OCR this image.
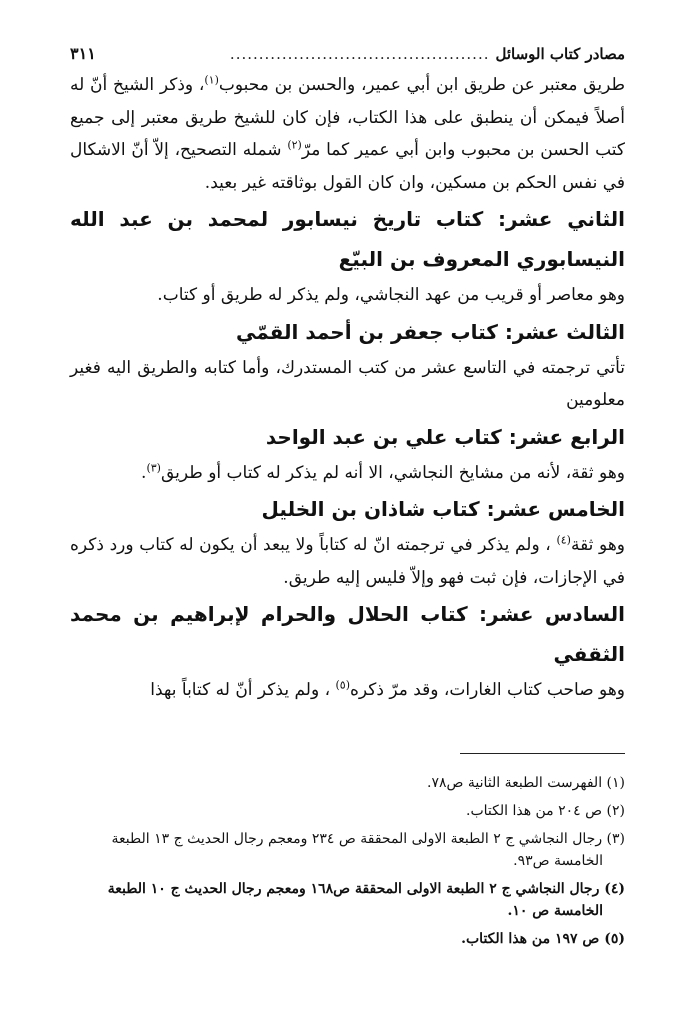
مصادر كتاب الوسائل
.............................................
٣١١

طريق معتبر عن طريق ابن أبي عمير، والحسن بن محبوب$^{(١)}$، وذكر الشيخ أنّ له أصلاً فيمكن أن ينطبق على هذا الكتاب، فإن كان للشيخ طريق معتبر إلى جميع كتب الحسن بن محبوب وابن أبي عمير كما مرّ$^{(٢)}$ شمله التصحيح، إلاّ أنّ الاشكال في نفس الحكم بن مسكين، وان كان القول بوثاقته غير بعيد.

الثاني عشر: كتاب تاريخ نيسابور لمحمد بن عبد الله النيسابوري المعروف بن البيّع

وهو معاصر أو قريب من عهد النجاشي، ولم يذكر له طريق أو كتاب.

الثالث عشر: كتاب جعفر بن أحمد القمّي

تأتي ترجمته في التاسع عشر من كتب المستدرك، وأما كتابه والطريق اليه فغير معلومين

الرابع عشر: كتاب علي بن عبد الواحد

وهو ثقة، لأنه من مشايخ النجاشي، الا أنه لم يذكر له كتاب أو طريق$^{(٣)}$.

الخامس عشر: كتاب شاذان بن الخليل

وهو ثقة$^{(٤)}$ ، ولم يذكر في ترجمته انّ له كتاباً ولا يبعد أن يكون له كتاب ورد ذكره في الإجازات، فإن ثبت فهو وإلاّ فليس إليه طريق.

السادس عشر: كتاب الحلال والحرام لإبراهيم بن محمد الثقفي

وهو صاحب كتاب الغارات، وقد مرّ ذكره$^{(٥)}$ ، ولم يذكر أنّ له كتاباً بهذا

(١) الفهرست الطبعة الثانية ص٧٨.

(٢) ص ٢٠٤ من هذا الكتاب.

(٣) رجال النجاشي ج ٢ الطبعة الاولى المحققة ص ٢٣٤ ومعجم رجال الحديث ج ١٣ الطبعة الخامسة ص٩٣.

(٤) رجال النجاشي ج ٢ الطبعة الاولى المحققة ص١٦٨ ومعجم رجال الحديث ج ١٠ الطبعة الخامسة ص ١٠.

(٥) ص ١٩٧ من هذا الكتاب.
